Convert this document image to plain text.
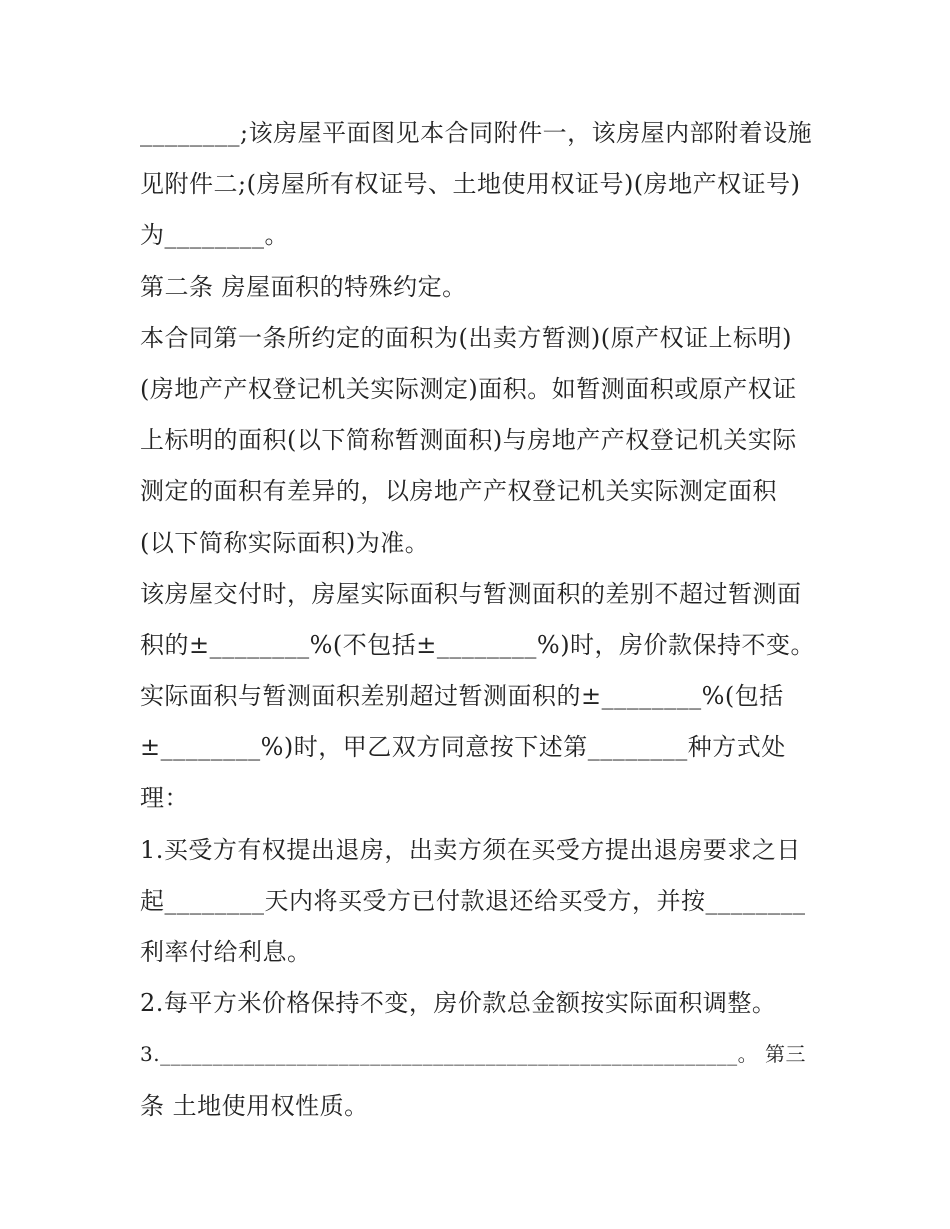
________;该房屋平面图见本合同附件一，该房屋内部附着设施
见附件二;(房屋所有权证号、土地使用权证号)(房地产权证号)
为________。
第二条 房屋面积的特殊约定。
本合同第一条所约定的面积为(出卖方暂测)(原产权证上标明)
(房地产产权登记机关实际测定)面积。如暂测面积或原产权证
上标明的面积(以下简称暂测面积)与房地产产权登记机关实际
测定的面积有差异的，以房地产产权登记机关实际测定面积
(以下简称实际面积)为准。
该房屋交付时，房屋实际面积与暂测面积的差别不超过暂测面
积的±________%(不包括±________%)时，房价款保持不变。
实际面积与暂测面积差别超过暂测面积的±________%(包括
±________%)时，甲乙双方同意按下述第________种方式处
理：
1.买受方有权提出退房，出卖方须在买受方提出退房要求之日
起________天内将买受方已付款退还给买受方，并按________
利率付给利息。
2.每平方米价格保持不变，房价款总金额按实际面积调整。
3._______________________________________________________。 第三
条 土地使用权性质。
